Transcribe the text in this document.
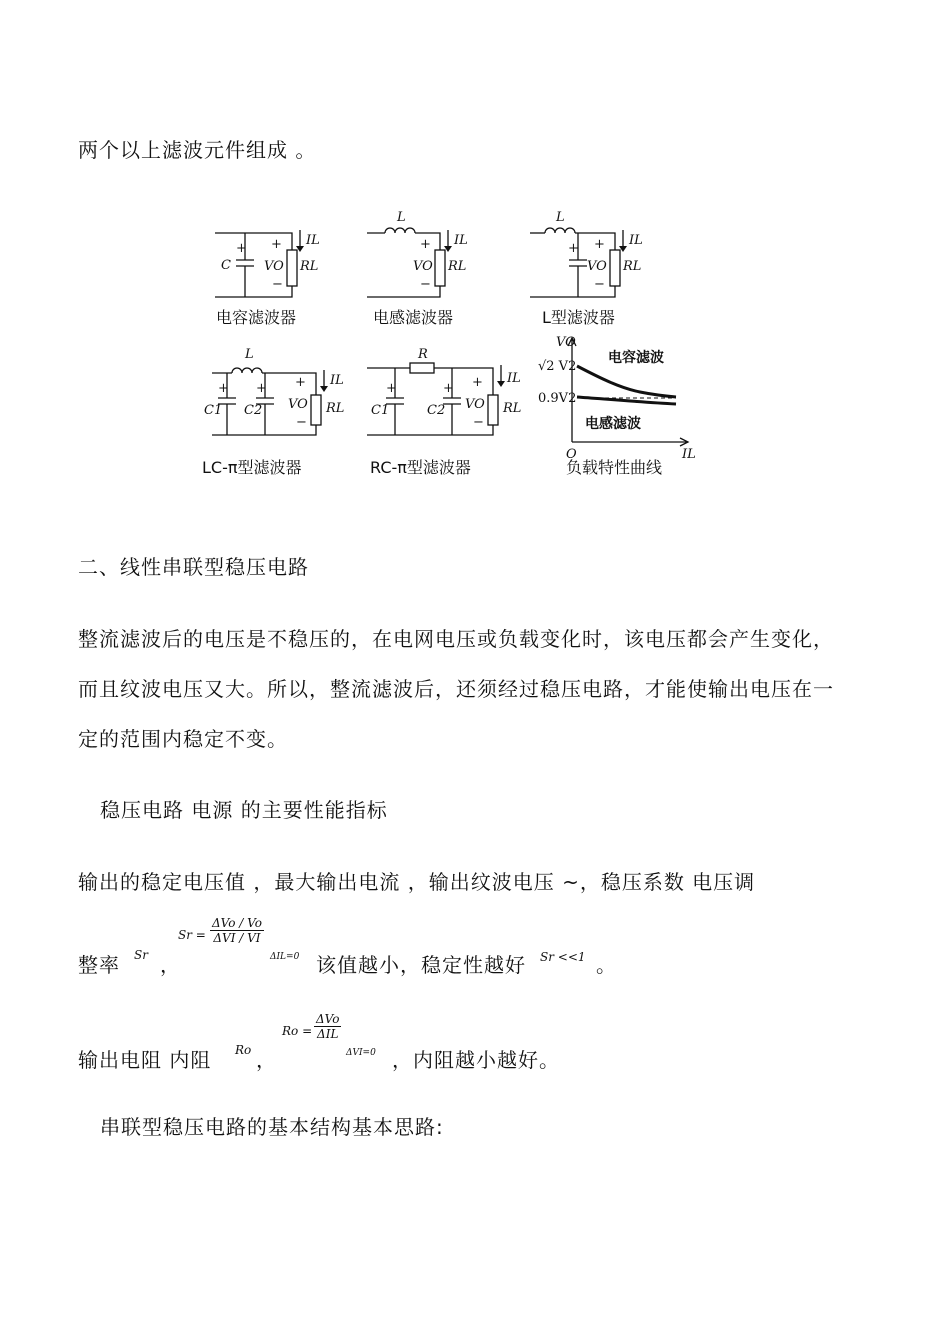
两个以上滤波元件组成 。
C
+ +
VO
−
RL
IL
L
+
VO
−
RL
IL
L
+ +
VO
−
RL
IL
L
+ + +
C1 C2 VO
−
RL
IL
R
+	+ +
C1	C2 VO
−
RL
IL
VO
√2 V2
0.9V2
O	IL
电容滤波
电感滤波
电容滤波器	电感滤波器	L型滤波器
LC-π型滤波器	RC-π型滤波器	负载特性曲线
二、线性串联型稳压电路
整流滤波后的电压是不稳压的，在电网电压或负载变化时，该电压都会产生变化，
而且纹波电压又大。所以，整流滤波后，还须经过稳压电路，才能使输出电压在一
定的范围内稳定不变。
稳压电路 电源 的主要性能指标
输出的稳定电压值 ，最大输出电流 ，输出纹波电压 ~，稳压系数 电压调
整率 Sr ，
Sr =
ΔVo / Vo
ΔVI / VI
ΔIL=0 该值越小，稳定性越好 Sr <<1 。
输出电阻 内阻 Ro ，
Ro =
ΔVo
ΔIL
ΔVI=0 ，内阻越小越好。
串联型稳压电路的基本结构基本思路:
